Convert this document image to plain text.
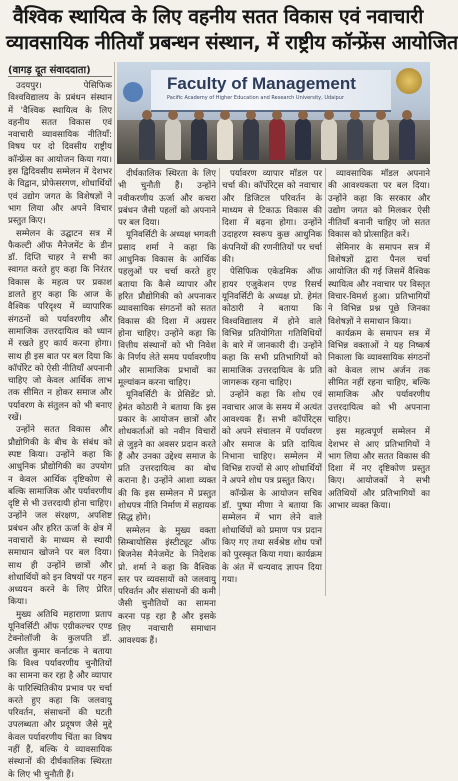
वैश्विक स्थायित्व के लिए वहनीय सतत विकास एवं नवाचारी
व्यावसायिक नीतियाँ प्रबन्धन संस्थान, में राष्ट्रीय कॉन्फ्रेंस आयोजित
(वागड़ दूत संवाददाता)

उदयपुर। पेसिफिक विश्वविद्यालय के प्रबंधन संस्थान में 'वैश्विक स्थायित्व के लिए वहनीय सतत विकास एवं नवाचारी व्यावसायिक नीतियाँ: विषय पर दो दिवसीय राष्ट्रीय कॉन्फ्रेंस का आयोजन किया गया। इस द्विदिवसीय सम्मेलन में देशभर के विद्वान, प्रोफेसरगण, शोधार्थियों एवं उद्योग जगत के विशेषज्ञों ने भाग लिया और अपने विचार प्रस्तुत किए।

सम्मेलन के उद्घाटन सत्र में फैकल्टी ऑफ मैनेजमेंट के डीन डॉ. दिप्ति चाहर ने सभी का स्वागत करते हुए कहा कि निरंतर विकास के महत्व पर प्रकाश डालते हुए कहा कि आज के वैश्विक परिदृश्य में व्यापारिक संगठनों को पर्यावरणीय और सामाजिक उत्तरदायित्व को ध्यान में रखते हुए कार्य करना होगा। साथ ही इस बात पर बल दिया कि कॉर्पोरेट को ऐसी नीतियाँ अपनानी चाहिए जो केवल आर्थिक लाभ तक सीमित न होकर समाज और पर्यावरण के संतुलन को भी बनाए रखें।

उन्होंने सतत विकास और प्रौद्योगिकी के बीच के संबंध को स्पष्ट किया। उन्होंने कहा कि आधुनिक प्रौद्योगिकी का उपयोग न केवल आर्थिक दृष्टिकोण से बल्कि सामाजिक और पर्यावरणीय दृष्टि से भी उत्तरदायी होना चाहिए। उन्होंने जल संरक्षण, अपशिष्ट प्रबंधन और हरित ऊर्जा के क्षेत्र में नवाचारों के माध्यम से स्थायी समाधान खोजने पर बल दिया। साथ ही उन्होंने छात्रों और शोधार्थियों को इन विषयों पर गहन अध्ययन करने के लिए प्रेरित किया।

मुख्य अतिथि महाराणा प्रताप यूनिवर्सिटी ऑफ एग्रीकल्चर एण्ड टेक्नोलॉजी के कुलपति डॉ. अजीत कुमार कर्नाटक ने बताया कि विश्व पर्यावरणीय चुनौतियों का सामना कर रहा है और व्यापार के पारिस्थितिकीय प्रभाव पर चर्चा करते हुए कहा कि जलवायु परिवर्तन, संसाधनों की घटती उपलब्धता और प्रदूषण जैसे मुद्दे केवल पर्यावरणीय चिंता का विषय नहीं हैं, बल्कि ये व्यावसायिक संस्थानों की दीर्घकालिक स्थिरता के लिए भी चुनौती हैं।

Faculty of Management
Pacific Academy of Higher Education and Research University, Udaipur

दीर्घकालिक स्थिरता के लिए भी चुनौती हैं। उन्होंने नवीकरणीय ऊर्जा और कचरा प्रबंधन जैसी पहलों को अपनाने पर बल दिया।

यूनिवर्सिटी के अध्यक्ष भगवती प्रसाद शर्मा ने कहा कि आधुनिक विकास के आर्थिक पहलुओं पर चर्चा करते हुए बताया कि कैसे व्यापार और हरित प्रौद्योगिकी को अपनाकर व्यावसायिक संगठनों को सतत विकास की दिशा में अग्रसर होना चाहिए। उन्होंने कहा कि वित्तीय संस्थानों को भी निवेश के निर्णय लेते समय पर्यावरणीय और सामाजिक प्रभावों का मूल्यांकन करना चाहिए।

यूनिवर्सिटी के प्रेसिडेंट प्रो. हेमंत कोठारी ने बताया कि इस प्रकार के आयोजन छात्रों और शोधकर्ताओं को नवीन विचारों से जुड़ने का अवसर प्रदान करते हैं और उनका उद्देश्य समाज के प्रति उत्तरदायित्व का बोध कराना है। उन्होंने आशा व्यक्त की कि इस सम्मेलन में प्रस्तुत शोधपत्र नीति निर्माण में सहायक सिद्ध होंगे।

सम्मेलन के मुख्य वक्ता सिम्बायोसिस इंस्टीट्यूट ऑफ बिजनेस मैनेजमेंट के निदेशक प्रो. शर्मा ने कहा कि वैश्विक स्तर पर व्यवसायों को जलवायु परिवर्तन और संसाधनों की कमी जैसी चुनौतियों का सामना करना पड़ रहा है और इसके लिए नवाचारी समाधान आवश्यक हैं।

पर्यावरण व्यापार मॉडल पर चर्चा की। कॉर्पोरेट्स को नवाचार और डिजिटल परिवर्तन के माध्यम से टिकाऊ विकास की दिशा में बढ़ना होगा। उन्होंने उदाहरण स्वरूप कुछ आधुनिक कंपनियों की रणनीतियों पर चर्चा की।

पेसिफिक एकेडमिक ऑफ हायर एजुकेशन एण्ड रिसर्च यूनिवर्सिटी के अध्यक्ष प्रो. हेमंत कोठारी ने बताया कि विश्वविद्यालय में होने वाले विभिन्न प्रतियोगिता गतिविधियों के बारे में जानकारी दी। उन्होंने कहा कि सभी प्रतिभागियों को सामाजिक उत्तरदायित्व के प्रति जागरूक रहना चाहिए।

उन्होंने कहा कि शोध एवं नवाचार आज के समय में अत्यंत आवश्यक हैं। सभी कॉर्पोरेट्स को अपने संचालन में पर्यावरण और समाज के प्रति दायित्व निभाना चाहिए। सम्मेलन में विभिन्न राज्यों से आए शोधार्थियों ने अपने शोध पत्र प्रस्तुत किए।

कॉन्फ्रेंस के आयोजन सचिव डॉ. पुष्पा मीणा ने बताया कि सम्मेलन में भाग लेने वाले शोधार्थियों को प्रमाण पत्र प्रदान किए गए तथा सर्वश्रेष्ठ शोध पत्रों को पुरस्कृत किया गया। कार्यक्रम के अंत में धन्यवाद ज्ञापन दिया गया।

व्यावसायिक मॉडल अपनाने की आवश्यकता पर बल दिया। उन्होंने कहा कि सरकार और उद्योग जगत को मिलकर ऐसी नीतियाँ बनानी चाहिए जो सतत विकास को प्रोत्साहित करें।

सेमिनार के समापन सत्र में विशेषज्ञों द्वारा पैनल चर्चा आयोजित की गई जिसमें वैश्विक स्थायित्व और नवाचार पर विस्तृत विचार-विमर्श हुआ। प्रतिभागियों ने विभिन्न प्रश्न पूछे जिनका विशेषज्ञों ने समाधान किया।

कार्यक्रम के समापन सत्र में विभिन्न वक्ताओं ने यह निष्कर्ष निकाला कि व्यावसायिक संगठनों को केवल लाभ अर्जन तक सीमित नहीं रहना चाहिए, बल्कि सामाजिक और पर्यावरणीय उत्तरदायित्व को भी अपनाना चाहिए।

इस महत्वपूर्ण सम्मेलन में देशभर से आए प्रतिभागियों ने भाग लिया और सतत विकास की दिशा में नए दृष्टिकोण प्रस्तुत किए। आयोजकों ने सभी अतिथियों और प्रतिभागियों का आभार व्यक्त किया।
